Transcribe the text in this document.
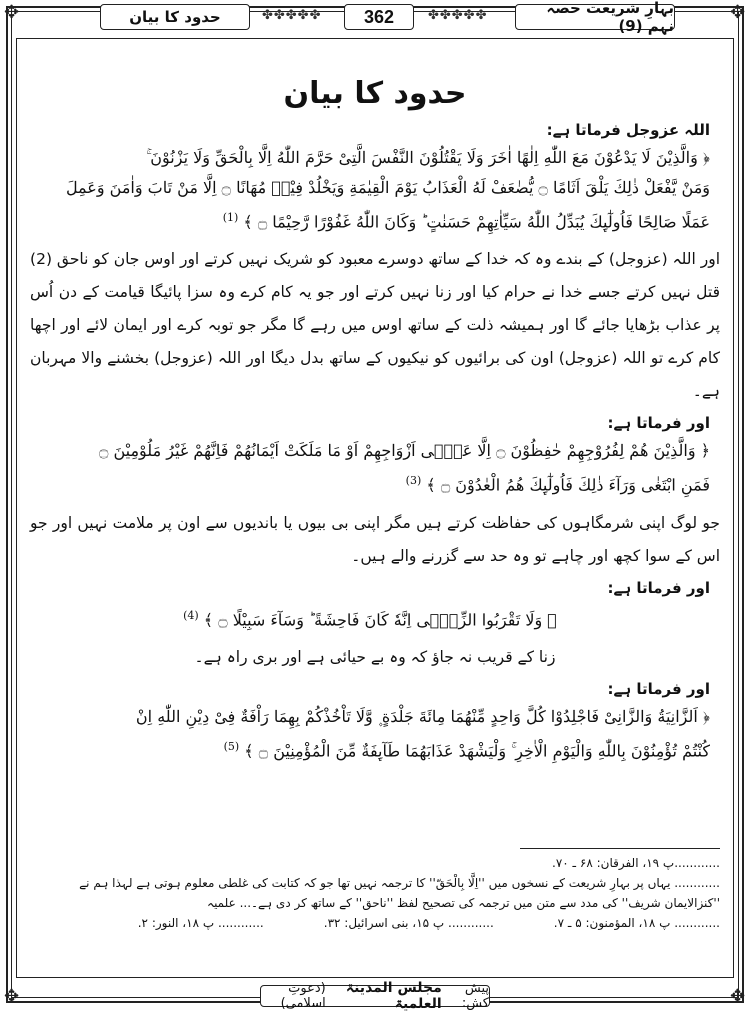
✥	✥
✥	✥
بہارِ شریعت حصہ نہم (9)
362
حدود کا بیان	✤✤✤✤✤	✤✤✤✤✤
حدود کا بیان
اللہ عزوجل فرماتا ہے:
﴿ وَالَّذِیْنَ لَا یَدْعُوْنَ مَعَ اللّٰهِ اِلٰهًا اٰخَرَ وَلَا یَقْتُلُوْنَ النَّفْسَ الَّتِیْ حَرَّمَ اللّٰهُ اِلَّا بِالْحَقِّ وَلَا یَزْنُوْنَ ۚ
وَمَنْ یَّفْعَلْ ذٰلِكَ یَلْقَ اَثَامًا ۝ یُّضٰعَفْ لَهُ الْعَذَابُ یَوْمَ الْقِیٰمَةِ وَیَخْلُدْ فِیْهٖ مُهَانًا ۝ اِلَّا مَنْ تَابَ وَاٰمَنَ وَعَمِلَ
عَمَلًا صَالِحًا فَاُولٰٓىِٕكَ یُبَدِّلُ اللّٰهُ سَیِّاٰتِهِمْ حَسَنٰتٍ ؕ وَكَانَ اللّٰهُ غَفُوْرًا رَّحِیْمًا ۝ ﴾ $^{(1)}$
اور اللہ (عزوجل) کے بندے وہ کہ خدا کے ساتھ دوسرے معبود کو شریک نہیں کرتے اور اوس جان کو ناحق (2) قتل نہیں کرتے جسے خدا نے حرام کیا اور زنا نہیں کرتے اور جو یہ کام کرے وہ سزا پائیگا قیامت کے دن اُس پر عذاب بڑھایا جائے گا اور ہمیشہ ذلت کے ساتھ اوس میں رہے گا مگر جو توبہ کرے اور ایمان لائے اور اچھا کام کرے تو اللہ (عزوجل) اون کی برائیوں کو نیکیوں کے ساتھ بدل دیگا اور اللہ (عزوجل) بخشنے والا مہربان ہے۔
اور فرماتا ہے:
﴿ وَالَّذِیْنَ هُمْ لِفُرُوْجِهِمْ حٰفِظُوْنَ ۝ اِلَّا عَلٰۤى اَزْوَاجِهِمْ اَوْ مَا مَلَكَتْ اَیْمَانُهُمْ فَاِنَّهُمْ غَیْرُ مَلُوْمِیْنَ ۝
فَمَنِ ابْتَغٰى وَرَآءَ ذٰلِكَ فَاُولٰٓىِٕكَ هُمُ الْعٰدُوْنَ ۝ ﴾ $^{(3)}$
جو لوگ اپنی شرمگاہوں کی حفاظت کرتے ہیں مگر اپنی بی بیوں یا باندیوں سے اون پر ملامت نہیں اور جو اس کے سوا کچھ اور چاہے تو وہ حد سے گزرنے والے ہیں۔
اور فرماتا ہے:
﴿ وَلَا تَقْرَبُوا الزِّنٰۤى اِنَّهٗ كَانَ فَاحِشَةً ؕ وَسَآءَ سَبِیْلًا ۝ ﴾ $^{(4)}$
زنا کے قریب نہ جاؤ کہ وہ بے حیائی ہے اور بری راہ ہے۔
اور فرماتا ہے:
﴿ اَلزَّانِیَةُ وَالزَّانِیْ فَاجْلِدُوْا كُلَّ وَاحِدٍ مِّنْهُمَا مِائَةَ جَلْدَةٍ ۪ وَّلَا تَاْخُذْكُمْ بِهِمَا رَاْفَةٌ فِیْ دِیْنِ اللّٰهِ اِنْ
كُنْتُمْ تُؤْمِنُوْنَ بِاللّٰهِ وَالْیَوْمِ الْاٰخِرِ ۚ وَلْیَشْهَدْ عَذَابَهُمَا طَآىِٕفَةٌ مِّنَ الْمُؤْمِنِیْنَ ۝ ﴾ $^{(5)}$
............پ ۱۹، الفرقان: ۶۸ ـ ۷۰.
............ یہاں پر بہارِ شریعت کے نسخوں میں ''اِلَّا بِالْحَقّ'' کا ترجمہ نہیں تھا جو کہ کتابت کی غلطی معلوم ہوتی ہے لہذا ہم نے ''کنزالایمان شریف'' کی مدد سے متن میں ترجمہ کی تصحیح لفظ ''ناحق'' کے ساتھ کر دی ہے۔... علمیہ
............ پ ۱۸، المؤمنون: ۵ ـ ۷.
............ پ ۱۵، بنی اسرائیل: ۳۲.
............ پ ۱۸، النور: ۲.
پیش کش:
مجلس المدینۃ العلمیۃ
(دعوتِ اسلامی)
